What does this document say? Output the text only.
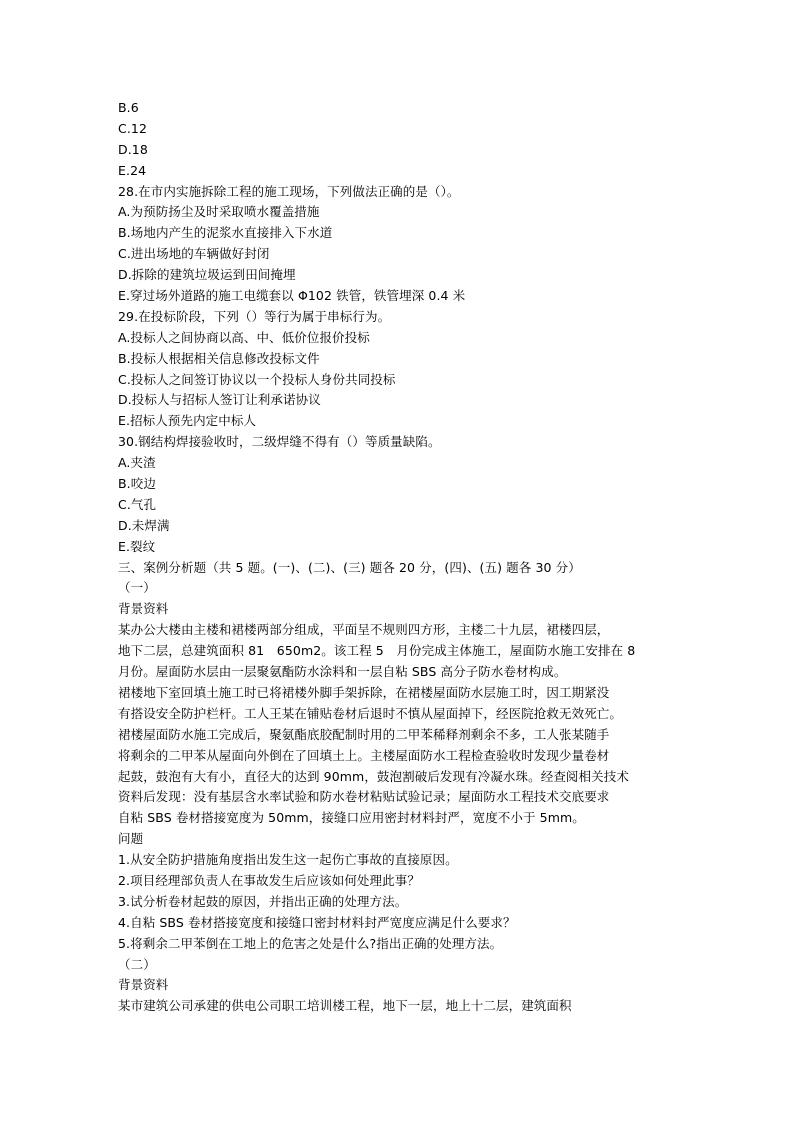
B.6
C.12
D.18
E.24
28.在市内实施拆除工程的施工现场，下列做法正确的是（）。
A.为预防扬尘及时采取喷水覆盖措施
B.场地内产生的泥浆水直接排入下水道
C.进出场地的车辆做好封闭
D.拆除的建筑垃圾运到田间掩埋
E.穿过场外道路的施工电缆套以 Φ102 铁管，铁管埋深 0.4 米
29.在投标阶段，下列（）等行为属于串标行为。
A.投标人之间协商以高、中、低价位报价投标
B.投标人根据相关信息修改投标文件
C.投标人之间签订协议以一个投标人身份共同投标
D.投标人与招标人签订让利承诺协议
E.招标人预先内定中标人
30.钢结构焊接验收时，二级焊缝不得有（）等质量缺陷。
A.夹渣
B.咬边
C.气孔
D.未焊满
E.裂纹
三、案例分析题（共 5 题。(一)、(二)、(三) 题各 20 分，(四)、(五) 题各 30 分）
（一）
背景资料
某办公大楼由主楼和裙楼两部分组成，平面呈不规则四方形，主楼二十九层，裙楼四层，
地下二层，总建筑面积 81　650m2。该工程 5　月份完成主体施工，屋面防水施工安排在 8
月份。屋面防水层由一层聚氨酯防水涂料和一层自粘 SBS 高分子防水卷材构成。
裙楼地下室回填土施工时已将裙楼外脚手架拆除，在裙楼屋面防水层施工时，因工期紧没
有搭设安全防护栏杆。工人王某在铺贴卷材后退时不慎从屋面掉下，经医院抢救无效死亡。
裙楼屋面防水施工完成后，聚氨酯底胶配制时用的二甲苯稀释剂剩余不多，工人张某随手
将剩余的二甲苯从屋面向外倒在了回填土上。主楼屋面防水工程检查验收时发现少量卷材
起鼓，鼓泡有大有小，直径大的达到 90mm，鼓泡割破后发现有冷凝水珠。经查阅相关技术
资料后发现：没有基层含水率试验和防水卷材粘贴试验记录；屋面防水工程技术交底要求
自粘 SBS 卷材搭接宽度为 50mm，接缝口应用密封材料封严，宽度不小于 5mm。
问题
1.从安全防护措施角度指出发生这一起伤亡事故的直接原因。
2.项目经理部负责人在事故发生后应该如何处理此事？
3.试分析卷材起鼓的原因，并指出正确的处理方法。
4.自粘 SBS 卷材搭接宽度和接缝口密封材料封严宽度应满足什么要求？
5.将剩余二甲苯倒在工地上的危害之处是什么?指出正确的处理方法。
（二）
背景资料
某市建筑公司承建的供电公司职工培训楼工程，地下一层，地上十二层，建筑面积
